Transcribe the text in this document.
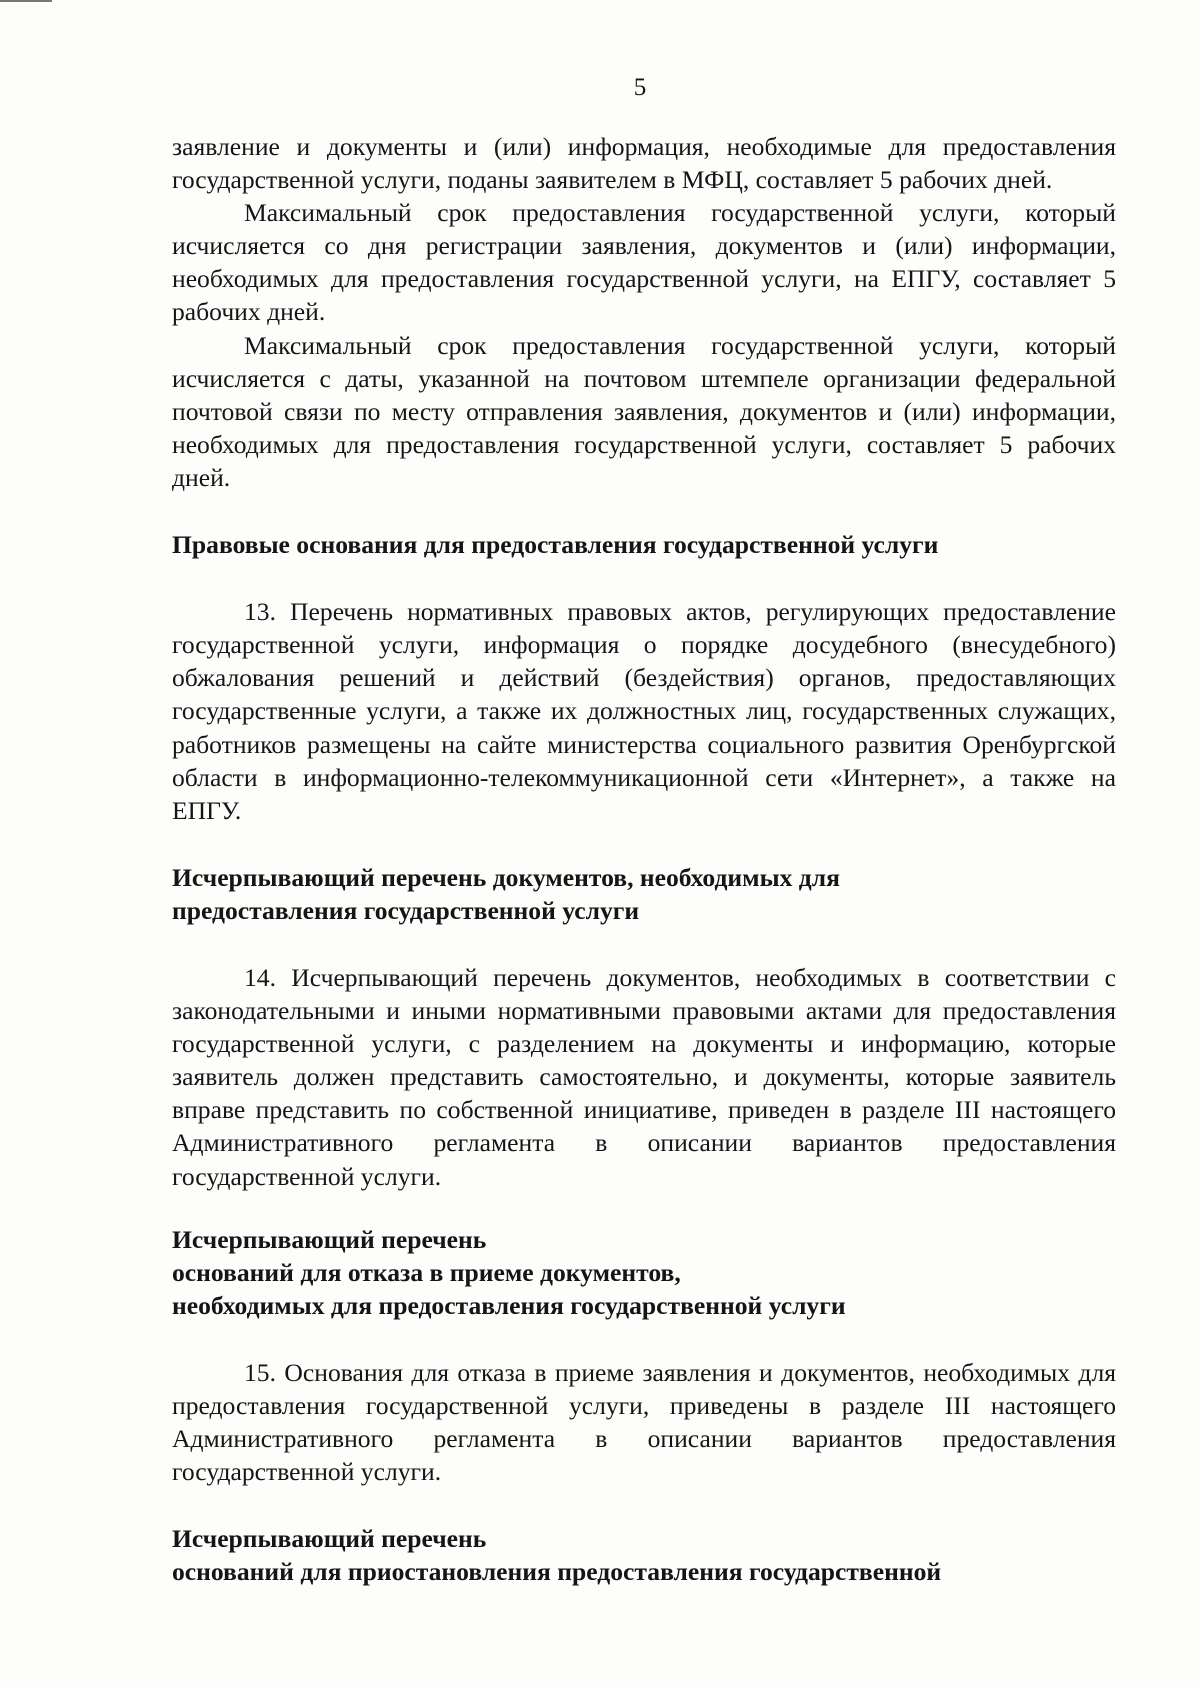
5

заявление и документы и (или) информация, необходимые для предоставления государственной услуги, поданы заявителем в МФЦ, составляет 5 рабочих дней.

Максимальный срок предоставления государственной услуги, который исчисляется со дня регистрации заявления, документов и (или) информации, необходимых для предоставления государственной услуги, на ЕПГУ, составляет 5 рабочих дней.

Максимальный срок предоставления государственной услуги, который исчисляется с даты, указанной на почтовом штемпеле организации федеральной почтовой связи по месту отправления заявления, документов и (или) информации, необходимых для предоставления государственной услуги, составляет 5 рабочих дней.

Правовые основания для предоставления государственной услуги

13. Перечень нормативных правовых актов, регулирующих предоставление государственной услуги, информация о порядке досудебного (внесудебного) обжалования решений и действий (бездействия) органов, предоставляющих государственные услуги, а также их должностных лиц, государственных служащих, работников размещены на сайте министерства социального развития Оренбургской области в информационно-телекоммуникационной сети «Интернет», а также на ЕПГУ.

Исчерпывающий перечень документов, необходимых для

предоставления государственной услуги

14. Исчерпывающий перечень документов, необходимых в соответствии с законодательными и иными нормативными правовыми актами для предоставления государственной услуги, с разделением на документы и информацию, которые заявитель должен представить самостоятельно, и документы, которые заявитель вправе представить по собственной инициативе, приведен в разделе III настоящего Административного регламента в описании вариантов предоставления государственной услуги.

Исчерпывающий перечень

оснований для отказа в приеме документов,

необходимых для предоставления государственной услуги

15. Основания для отказа в приеме заявления и документов, необходимых для предоставления государственной услуги, приведены в разделе III настоящего Административного регламента в описании вариантов предоставления государственной услуги.

Исчерпывающий перечень

оснований для приостановления предоставления государственной
